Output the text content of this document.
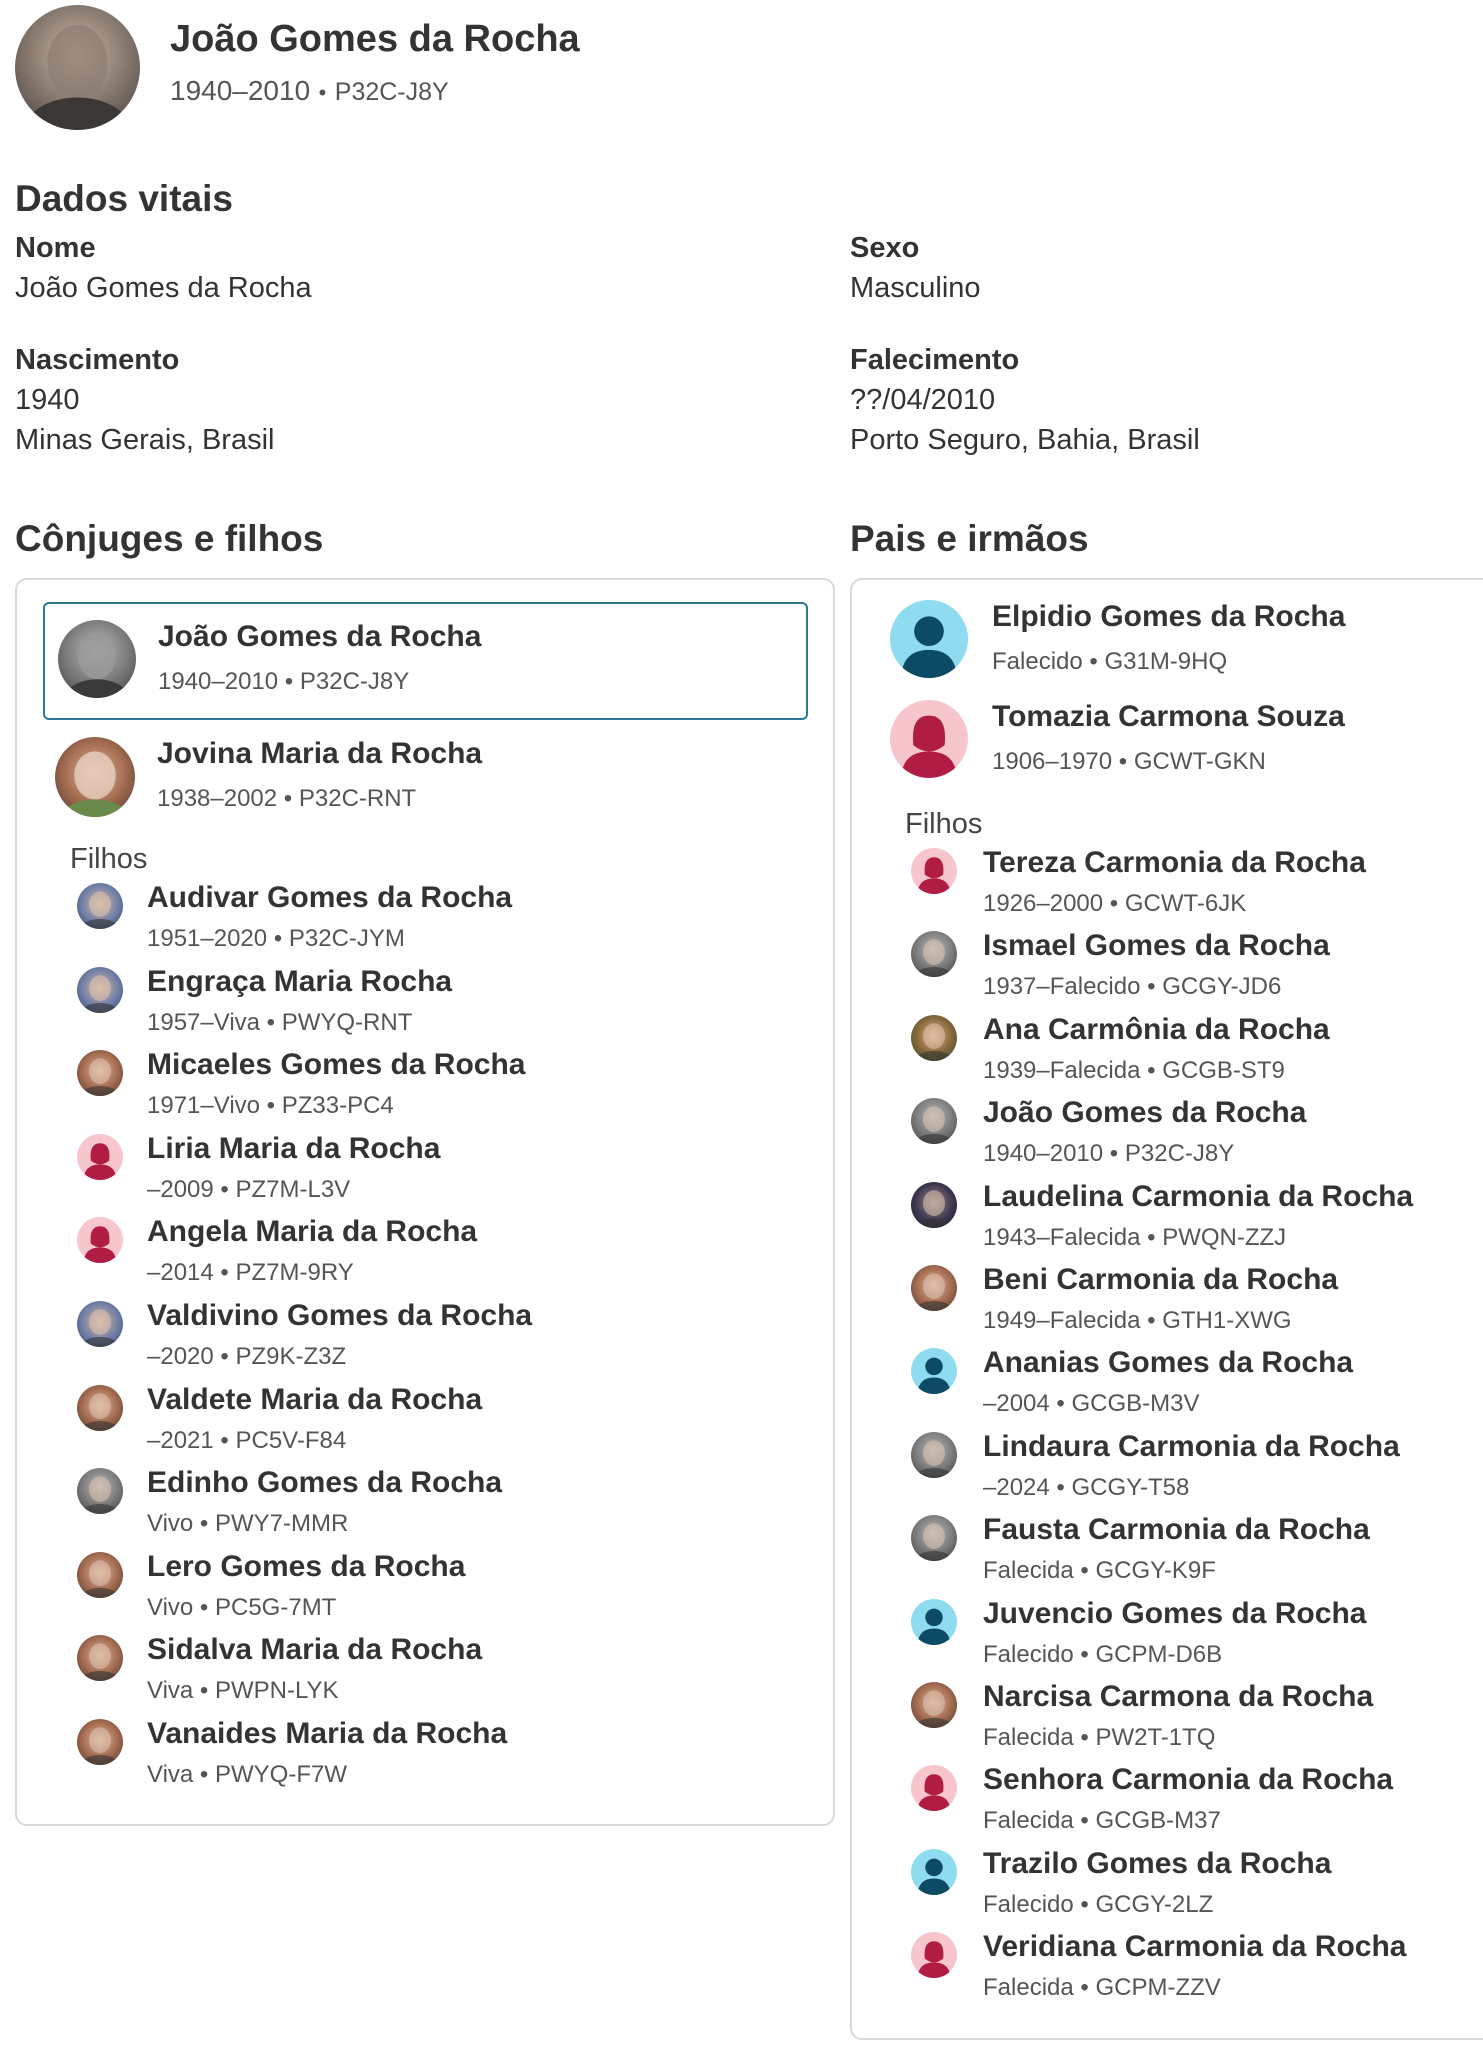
João Gomes da Rocha
1940–2010 • P32C-J8Y
Dados vitais
Nome
João Gomes da Rocha
Sexo
Masculino
Nascimento
1940
Minas Gerais, Brasil
Falecimento
??/04/2010
Porto Seguro, Bahia, Brasil
Cônjuges e filhos
João Gomes da Rocha
1940–2010 • P32C-J8Y
Jovina Maria da Rocha
1938–2002 • P32C-RNT
Filhos
Audivar Gomes da Rocha
1951–2020 • P32C-JYM
Engraça Maria Rocha
1957–Viva • PWYQ-RNT
Micaeles Gomes da Rocha
1971–Vivo • PZ33-PC4
Liria Maria da Rocha
–2009 • PZ7M-L3V
Angela Maria da Rocha
–2014 • PZ7M-9RY
Valdivino Gomes da Rocha
–2020 • PZ9K-Z3Z
Valdete Maria da Rocha
–2021 • PC5V-F84
Edinho Gomes da Rocha
Vivo • PWY7-MMR
Lero Gomes da Rocha
Vivo • PC5G-7MT
Sidalva Maria da Rocha
Viva • PWPN-LYK
Vanaides Maria da Rocha
Viva • PWYQ-F7W
Pais e irmãos
Elpidio Gomes da Rocha
Falecido • G31M-9HQ
Tomazia Carmona Souza
1906–1970 • GCWT-GKN
Filhos
Tereza Carmonia da Rocha
1926–2000 • GCWT-6JK
Ismael Gomes da Rocha
1937–Falecido • GCGY-JD6
Ana Carmônia da Rocha
1939–Falecida • GCGB-ST9
João Gomes da Rocha
1940–2010 • P32C-J8Y
Laudelina Carmonia da Rocha
1943–Falecida • PWQN-ZZJ
Beni Carmonia da Rocha
1949–Falecida • GTH1-XWG
Ananias Gomes da Rocha
–2004 • GCGB-M3V
Lindaura Carmonia da Rocha
–2024 • GCGY-T58
Fausta Carmonia da Rocha
Falecida • GCGY-K9F
Juvencio Gomes da Rocha
Falecido • GCPM-D6B
Narcisa Carmona da Rocha
Falecida • PW2T-1TQ
Senhora Carmonia da Rocha
Falecida • GCGB-M37
Trazilo Gomes da Rocha
Falecido • GCGY-2LZ
Veridiana Carmonia da Rocha
Falecida • GCPM-ZZV
